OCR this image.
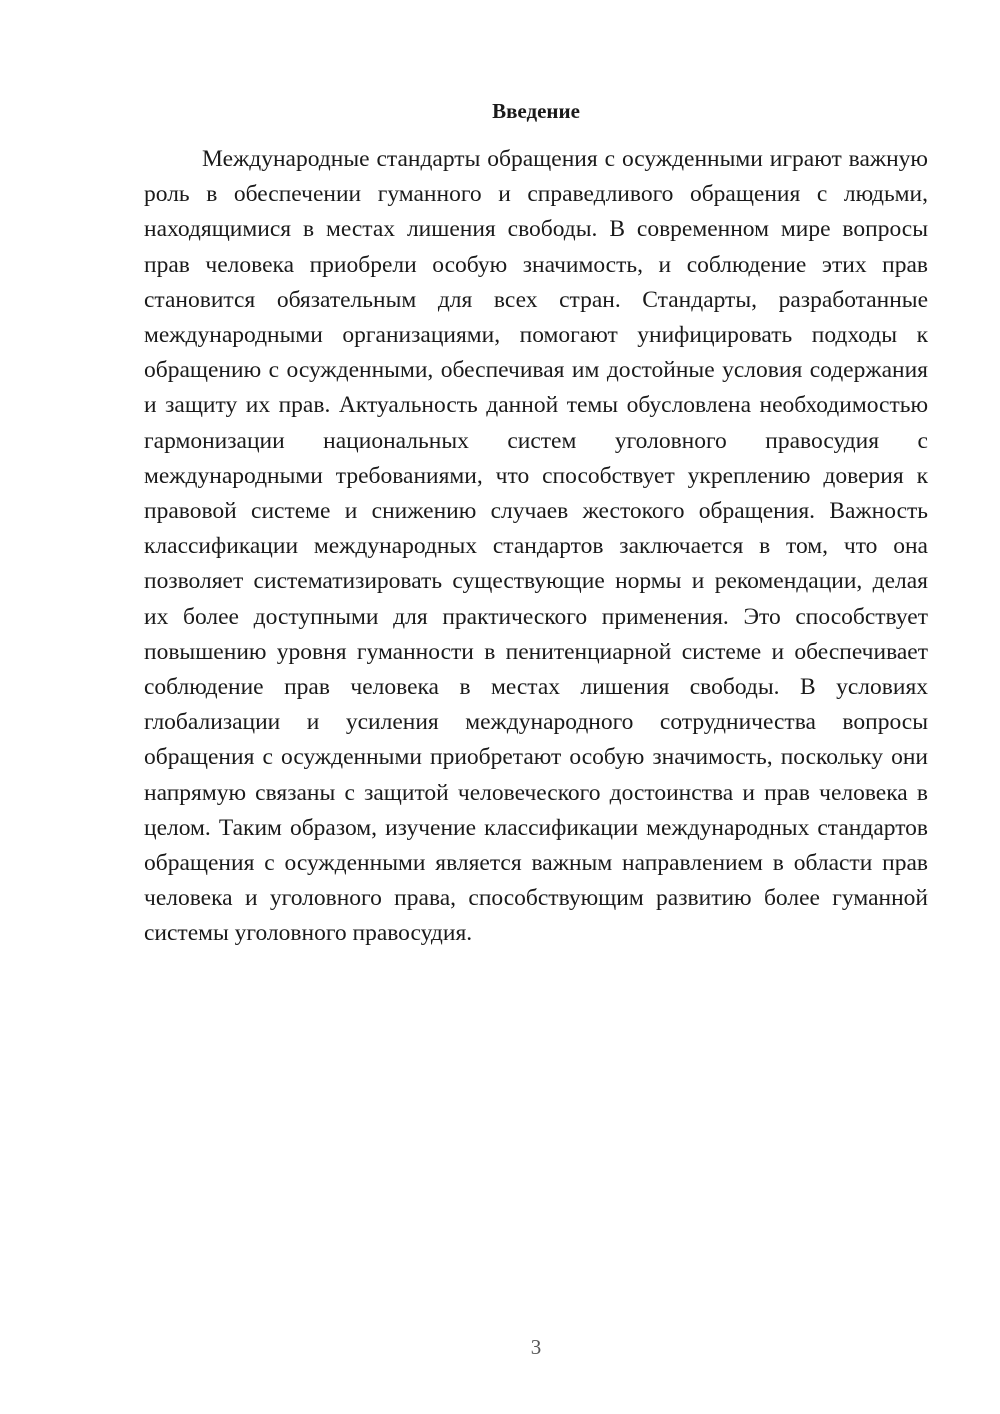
Введение

Международные стандарты обращения с осужденными играют важную роль в обеспечении гуманного и справедливого обращения с людьми, находящимися в местах лишения свободы. В современном мире вопросы прав человека приобрели особую значимость, и соблюдение этих прав становится обязательным для всех стран. Стандарты, разработанные международными организациями, помогают унифицировать подходы к обращению с осужденными, обеспечивая им достойные условия содержания и защиту их прав. Актуальность данной темы обусловлена необходимостью гармонизации национальных систем уголовного правосудия с международными требованиями, что способствует укреплению доверия к правовой системе и снижению случаев жестокого обращения. Важность классификации международных стандартов заключается в том, что она позволяет систематизировать существующие нормы и рекомендации, делая их более доступными для практического применения. Это способствует повышению уровня гуманности в пенитенциарной системе и обеспечивает соблюдение прав человека в местах лишения свободы. В условиях глобализации и усиления международного сотрудничества вопросы обращения с осужденными приобретают особую значимость, поскольку они напрямую связаны с защитой человеческого достоинства и прав человека в целом. Таким образом, изучение классификации международных стандартов обращения с осужденными является важным направлением в области прав человека и уголовного права, способствующим развитию более гуманной системы уголовного правосудия.

3
